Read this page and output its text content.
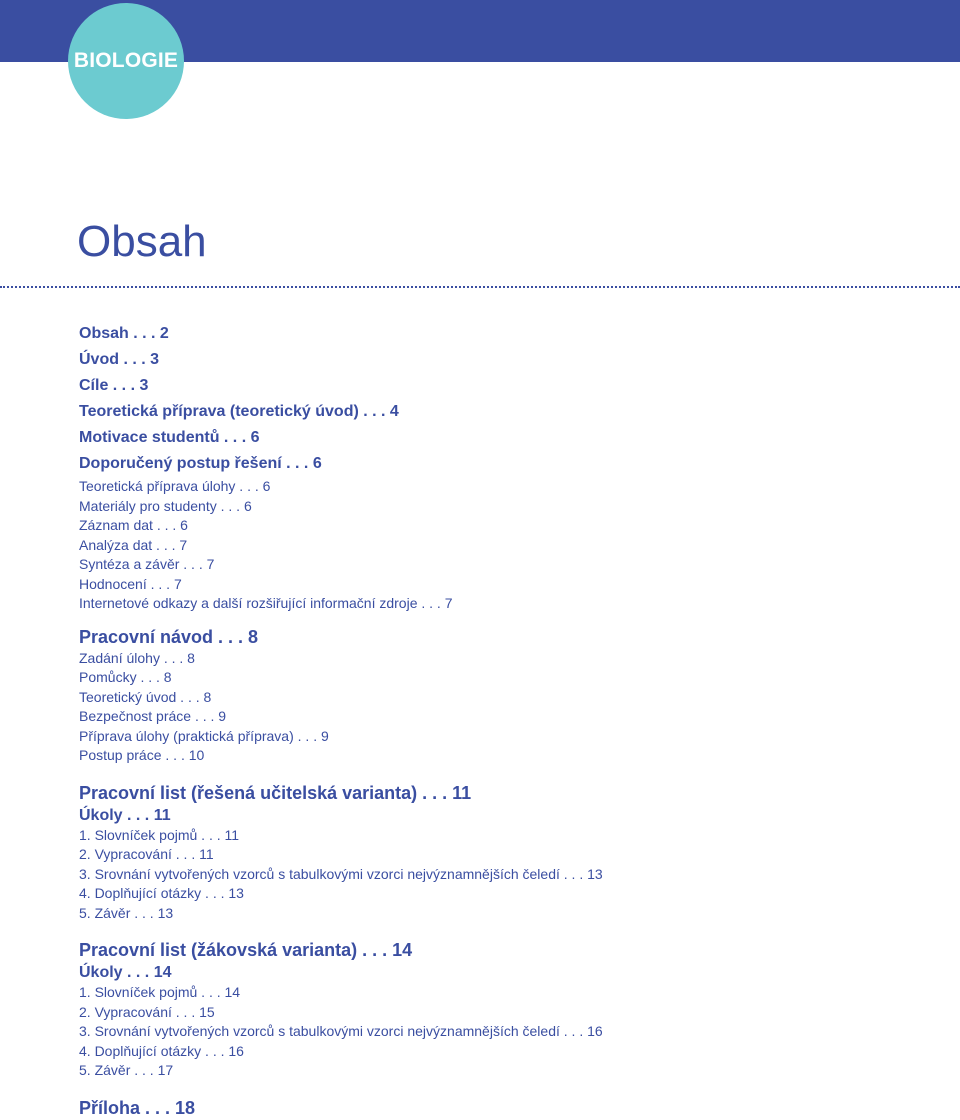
BIOLOGIE
Obsah
Obsah . . . 2
Úvod . . . 3
Cíle . . . 3
Teoretická příprava (teoretický úvod) . . . 4
Motivace studentů . . . 6
Doporučený postup řešení . . . 6
Teoretická příprava úlohy . . . 6
Materiály pro studenty . . . 6
Záznam dat . . . 6
Analýza dat . . . 7
Syntéza a závěr . . . 7
Hodnocení . . . 7
Internetové odkazy a další rozšiřující informační zdroje . . . 7
Pracovní návod . . . 8
Zadání úlohy . . . 8
Pomůcky . . . 8
Teoretický úvod . . . 8
Bezpečnost práce . . . 9
Příprava úlohy (praktická příprava) . . . 9
Postup práce . . . 10
Pracovní list (řešená učitelská varianta) . . . 11
Úkoly . . . 11
1. Slovníček pojmů . . . 11
2. Vypracování . . . 11
3. Srovnání vytvořených vzorců s tabulkovými vzorci nejvýznamnějších čeledí . . . 13
4. Doplňující otázky . . . 13
5. Závěr . . . 13
Pracovní list (žákovská varianta) . . . 14
Úkoly . . . 14
1. Slovníček pojmů . . . 14
2. Vypracování . . . 15
3. Srovnání vytvořených vzorců s tabulkovými vzorci nejvýznamnějších čeledí . . . 16
4. Doplňující otázky . . . 16
5. Závěr . . . 17
Příloha . . . 18
